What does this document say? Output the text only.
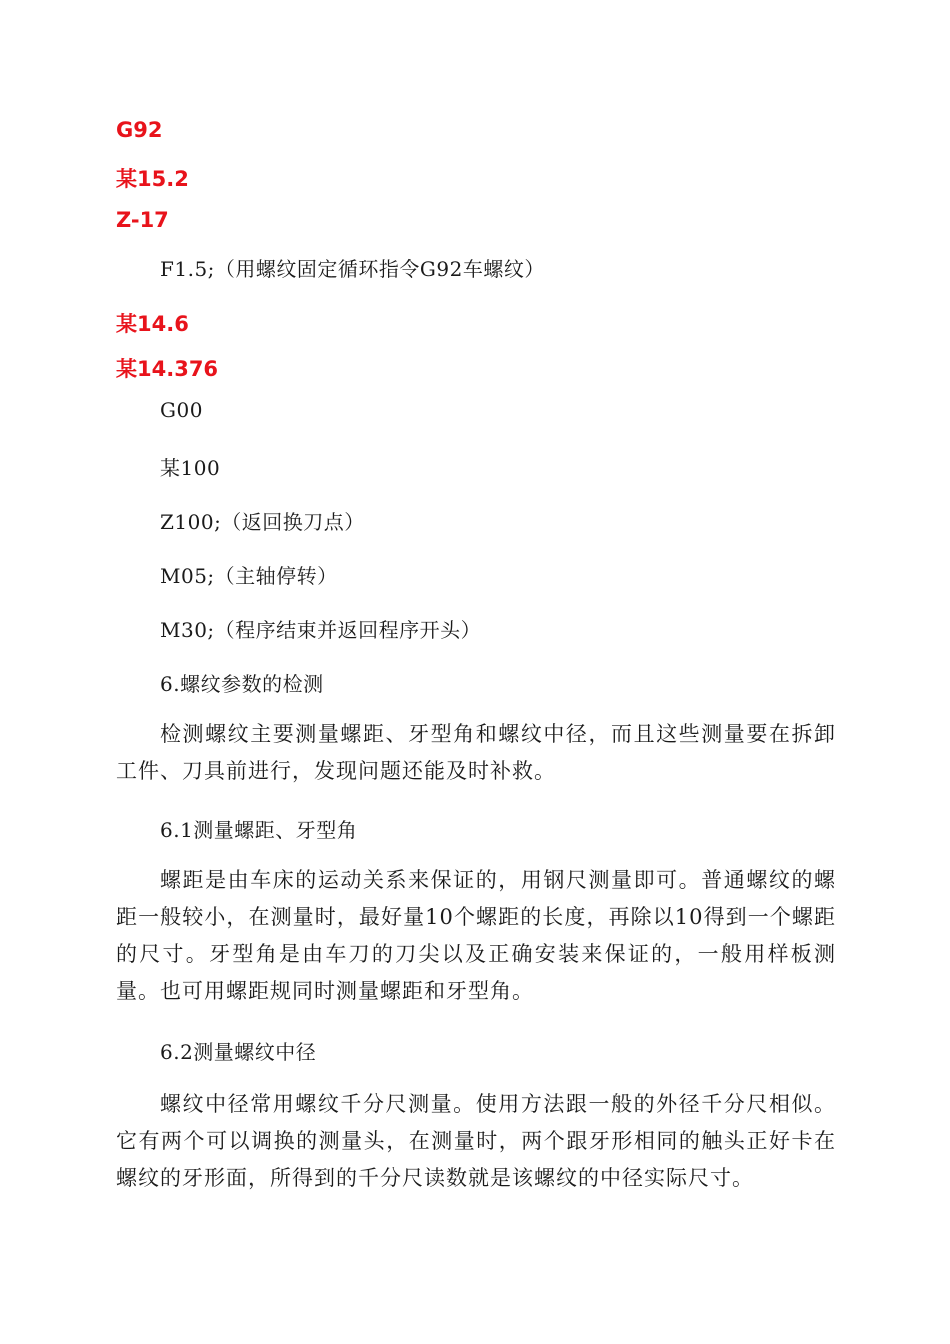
G92
某15.2
Z-17
F1.5;（用螺纹固定循环指令G92车螺纹）
某14.6
某14.376
G00
某100
Z100;（返回换刀点）
M05;（主轴停转）
M30;（程序结束并返回程序开头）
6.螺纹参数的检测

检测螺纹主要测量螺距、牙型角和螺纹中径，而且这些测量要在拆卸工件、刀具前进行，发现问题还能及时补救。

6.1测量螺距、牙型角

螺距是由车床的运动关系来保证的，用钢尺测量即可。普通螺纹的螺距一般较小，在测量时，最好量10个螺距的长度，再除以10得到一个螺距的尺寸。牙型角是由车刀的刀尖以及正确安装来保证的，一般用样板测量。也可用螺距规同时测量螺距和牙型角。

6.2测量螺纹中径

螺纹中径常用螺纹千分尺测量。使用方法跟一般的外径千分尺相似。它有两个可以调换的测量头，在测量时，两个跟牙形相同的触头正好卡在螺纹的牙形面，所得到的千分尺读数就是该螺纹的中径实际尺寸。
